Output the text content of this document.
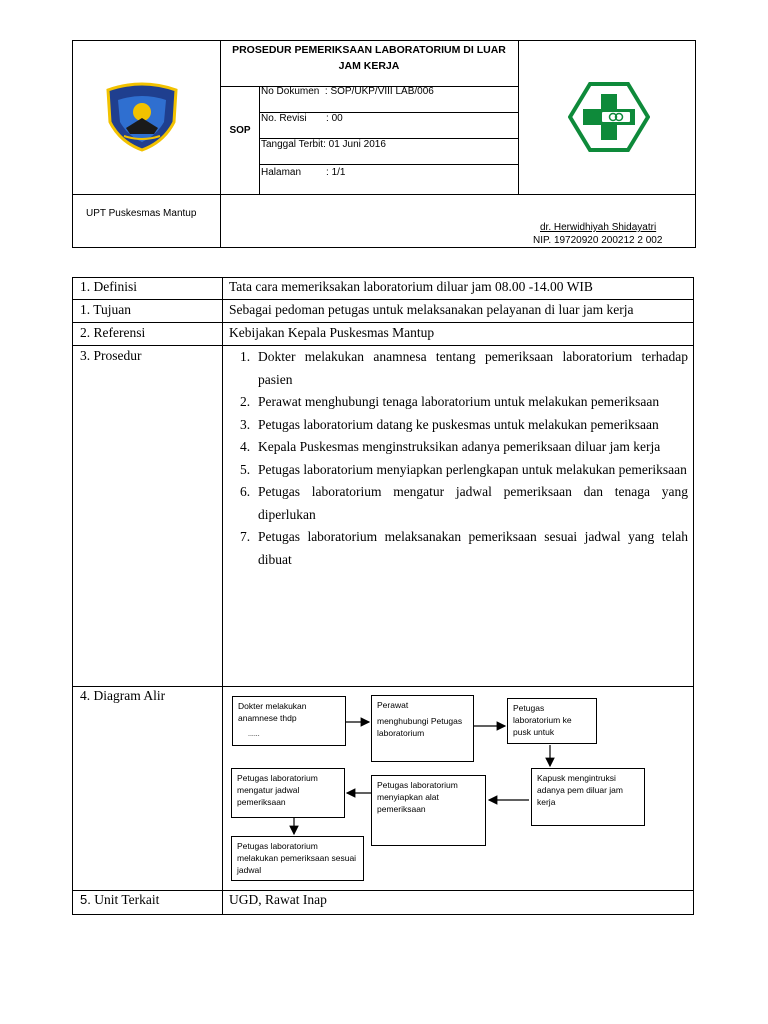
PROSEDUR PEMERIKSAAN LABORATORIUM DI LUAR JAM KERJA
SOP
No Dokumen  : SOP/UKP/VIII LAB/006
No. Revisi       : 00
Tanggal Terbit: 01 Juni 2016
Halaman         : 1/1
UPT Puskesmas Mantup
dr. Herwidhiyah Shidayatri
NIP. 19720920 200212 2 002
1. Definisi	Tata cara memeriksakan laboratorium diluar jam 08.00 -14.00 WIB
1. Tujuan	Sebagai pedoman petugas untuk melaksanakan pelayanan di luar jam kerja
2. Referensi	Kebijakan Kepala Puskesmas Mantup
3. Prosedur	1. Dokter melakukan anamnesa tentang pemeriksaan laboratorium terhadap pasien
2. Perawat menghubungi tenaga laboratorium untuk melakukan pemeriksaan
3. Petugas laboratorium datang ke puskesmas untuk melakukan pemeriksaan
4. Kepala Puskesmas menginstruksikan adanya pemeriksaan diluar jam kerja
5. Petugas laboratorium menyiapkan perlengkapan untuk melakukan pemeriksaan
6. Petugas laboratorium mengatur jadwal pemeriksaan dan tenaga yang diperlukan
7. Petugas laboratorium melaksanakan pemeriksaan sesuai jadwal yang telah dibuat
4. Diagram Alir
Dokter melakukan anamnese thdp
......
Perawat
menghubungi Petugas laboratorium
Petugas laboratorium ke pusk untuk
Kapusk mengintruksi adanya pem diluar jam kerja
Petugas laboratorium menyiapkan alat pemeriksaan
Petugas laboratorium mengatur jadwal pemeriksaan
Petugas laboratorium melakukan pemeriksaan sesuai jadwal
5. Unit Terkait	UGD, Rawat Inap
